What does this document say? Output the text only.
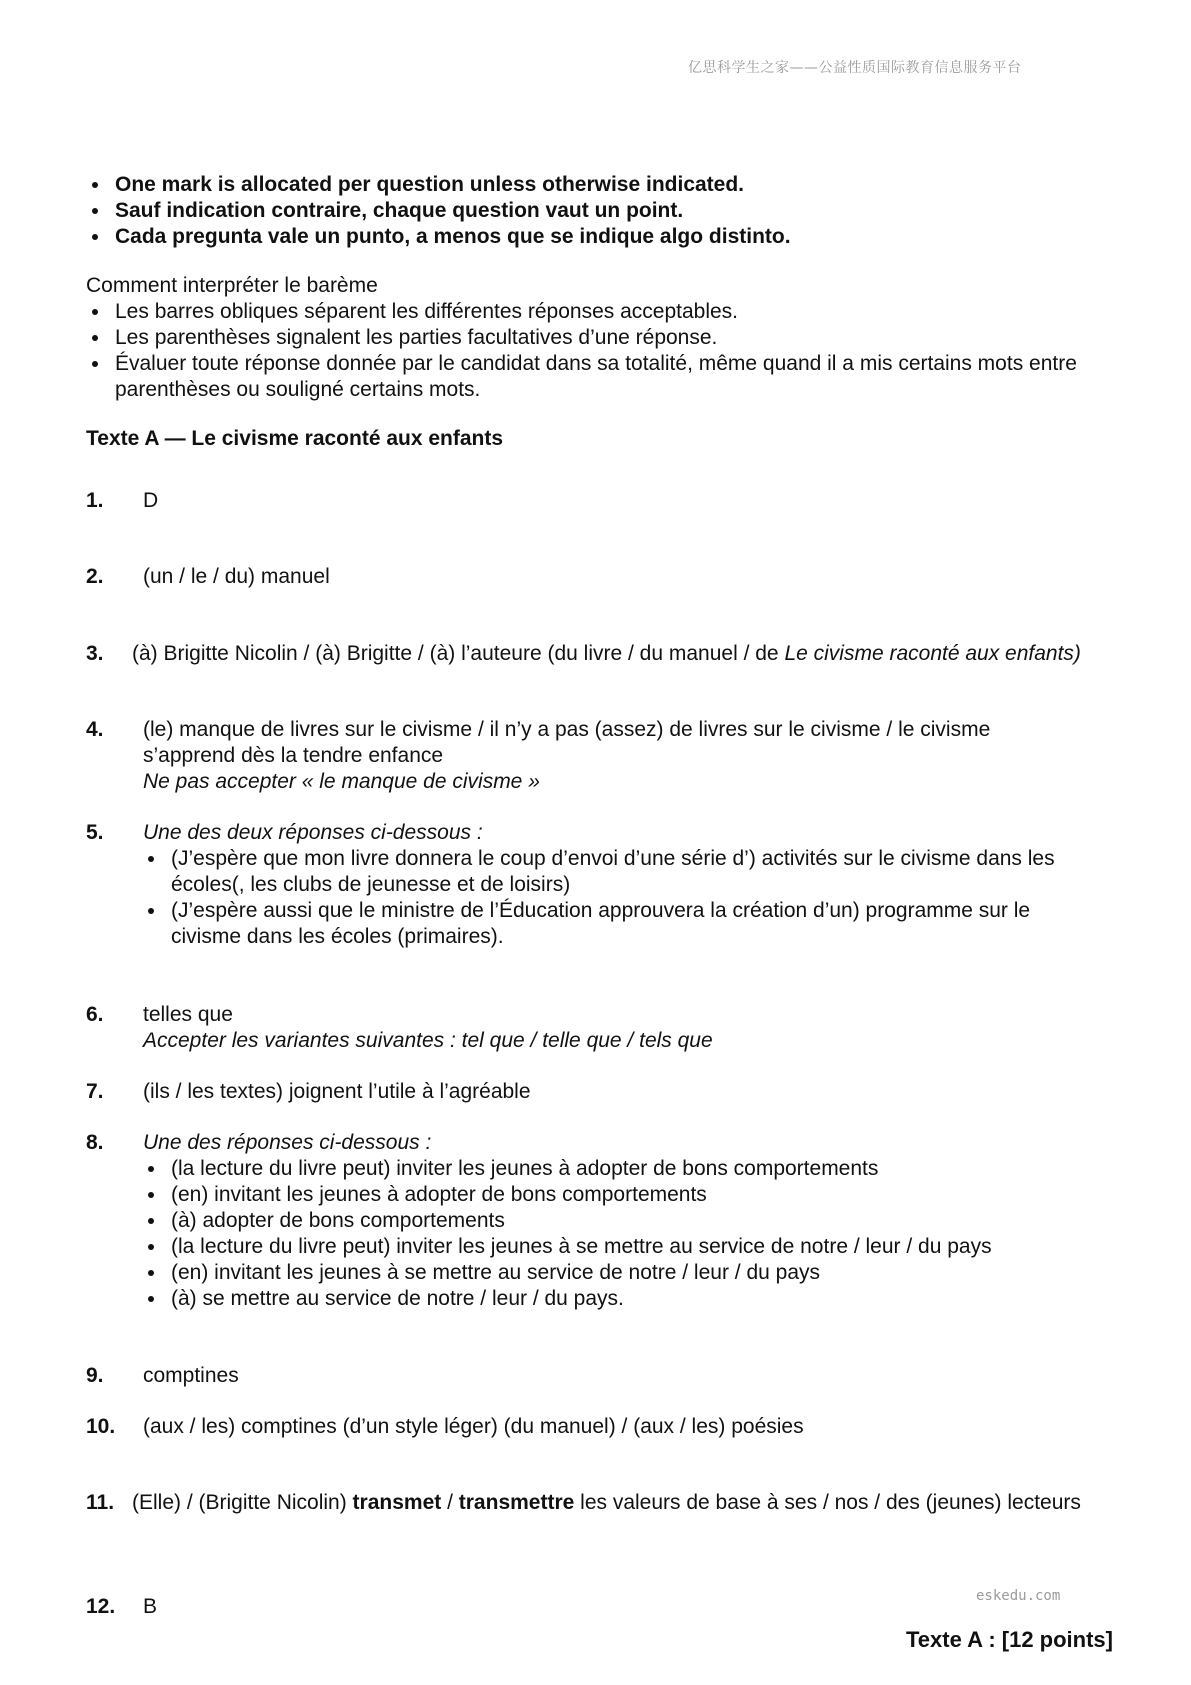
亿思科学生之家——公益性质国际教育信息服务平台
One mark is allocated per question unless otherwise indicated.
Sauf indication contraire, chaque question vaut un point.
Cada pregunta vale un punto, a menos que se indique algo distinto.
Comment interpréter le barème
Les barres obliques séparent les différentes réponses acceptables.
Les parenthèses signalent les parties facultatives d’une réponse.
Évaluer toute réponse donnée par le candidat dans sa totalité, même quand il a mis certains mots entre parenthèses ou souligné certains mots.
Texte A — Le civisme raconté aux enfants
1. D
2. (un / le / du) manuel
3. (à) Brigitte Nicolin / (à) Brigitte / (à) l’auteure (du livre / du manuel / de Le civisme raconté aux enfants)
4. (le) manque de livres sur le civisme / il n’y a pas (assez) de livres sur le civisme / le civisme s’apprend dès la tendre enfance
Ne pas accepter « le manque de civisme »
5. Une des deux réponses ci-dessous :
(J’espère que mon livre donnera le coup d’envoi d’une série d’) activités sur le civisme dans les écoles(, les clubs de jeunesse et de loisirs)
(J’espère aussi que le ministre de l’Éducation approuvera la création d’un) programme sur le civisme dans les écoles (primaires).
6. telles que
Accepter les variantes suivantes : tel que / telle que / tels que
7. (ils / les textes) joignent l’utile à l’agréable
8. Une des réponses ci-dessous :
(la lecture du livre peut) inviter les jeunes à adopter de bons comportements
(en) invitant les jeunes à adopter de bons comportements
(à) adopter de bons comportements
(la lecture du livre peut) inviter les jeunes à se mettre au service de notre / leur / du pays
(en) invitant les jeunes à se mettre au service de notre / leur / du pays
(à) se mettre au service de notre / leur / du pays.
9. comptines
10. (aux / les) comptines (d’un style léger) (du manuel) / (aux / les) poésies
11. (Elle) / (Brigitte Nicolin) transmet / transmettre les valeurs de base à ses / nos / des (jeunes) lecteurs
eskedu.com
12. B
Texte A : [12 points]
